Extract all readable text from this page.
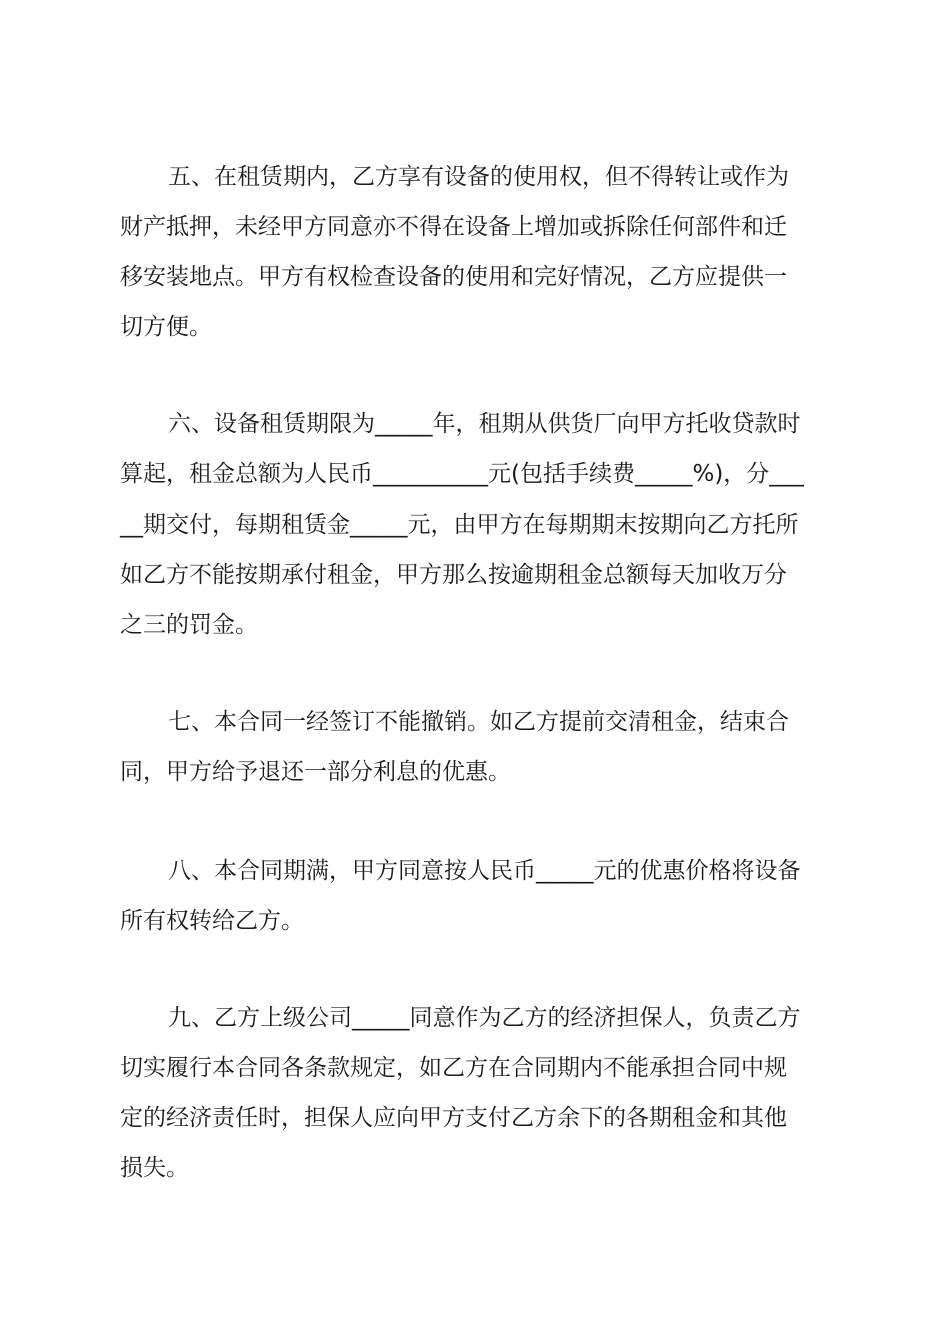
五、在租赁期内，乙方享有设备的使用权，但不得转让或作为
财产抵押，未经甲方同意亦不得在设备上增加或拆除任何部件和迁
移安装地点。甲方有权检查设备的使用和完好情况，乙方应提供一
切方便。
六、设备租赁期限为_____年，租期从供货厂向甲方托收贷款时
算起，租金总额为人民币__________元(包括手续费_____%)，分___
__期交付，每期租赁金_____元，由甲方在每期期末按期向乙方托所
如乙方不能按期承付租金，甲方那么按逾期租金总额每天加收万分
之三的罚金。
七、本合同一经签订不能撤销。如乙方提前交清租金，结束合
同，甲方给予退还一部分利息的优惠。
八、本合同期满，甲方同意按人民币_____元的优惠价格将设备
所有权转给乙方。
九、乙方上级公司_____同意作为乙方的经济担保人，负责乙方
切实履行本合同各条款规定，如乙方在合同期内不能承担合同中规
定的经济责任时，担保人应向甲方支付乙方余下的各期租金和其他
损失。
